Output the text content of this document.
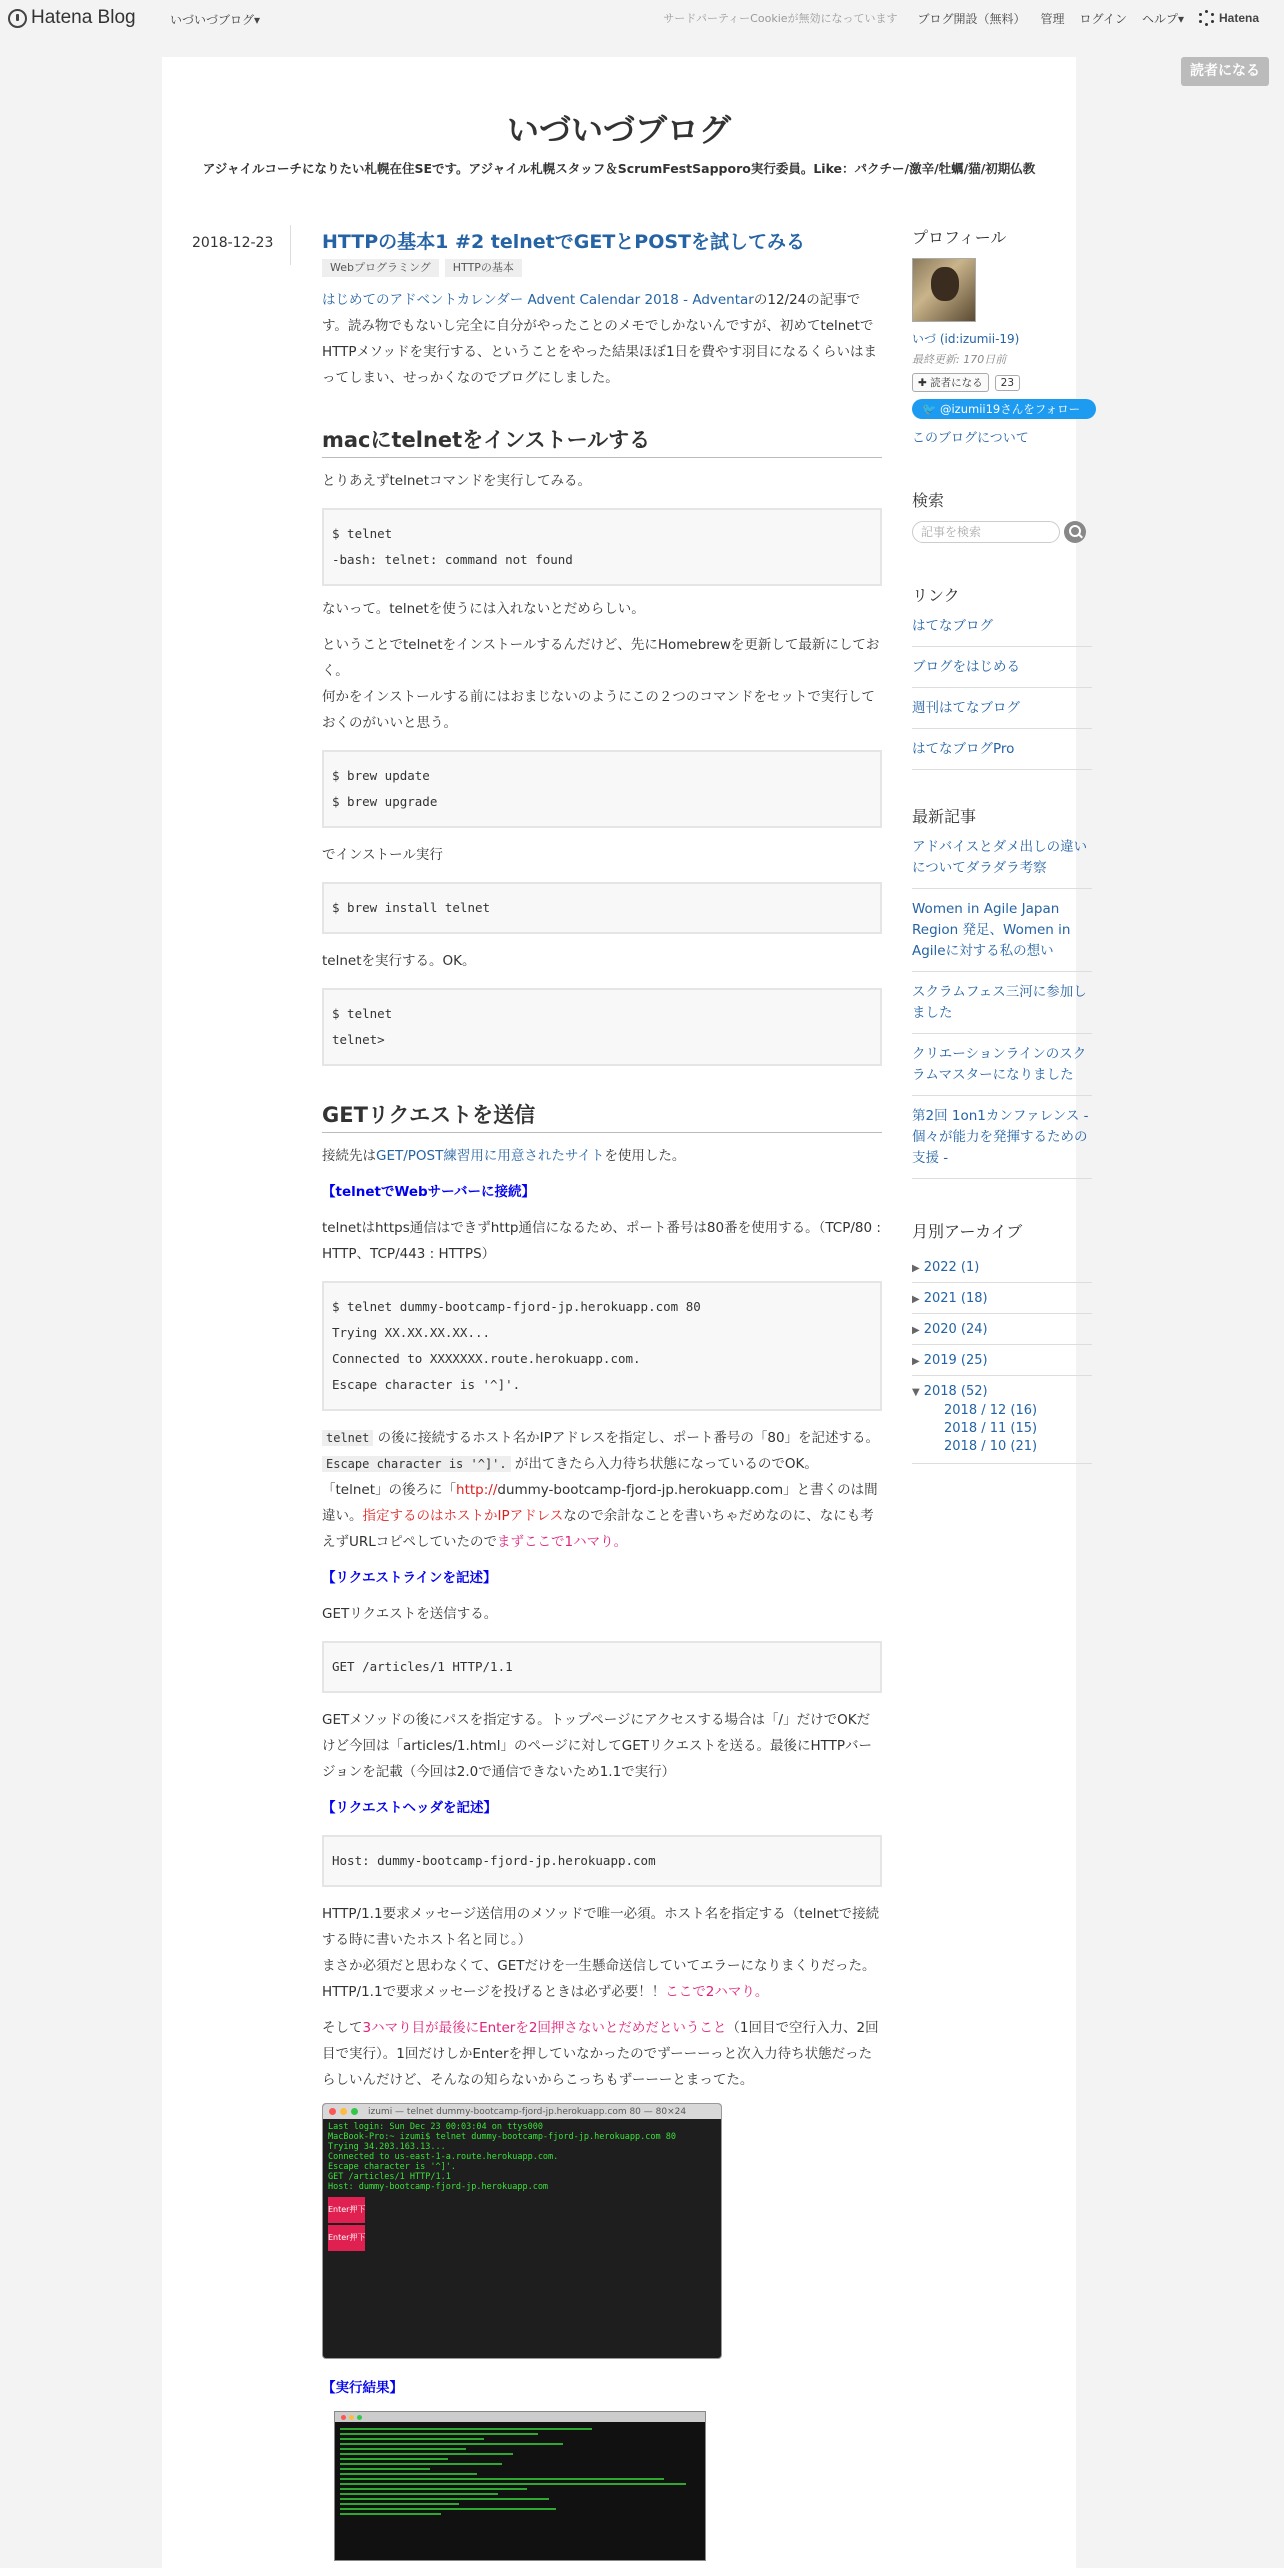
Hatena Blog	いづいづブログ▾	サードパーティーCookieが無効になっています ブログ開設（無料） 管理 ログイン ヘルプ▾	Hatena
読者になる
いづいづブログ
アジャイルコーチになりたい札幌在住SEです。アジャイル札幌スタッフ＆ScrumFestSapporo実行委員。Like：パクチー/激辛/牡蠣/猫/初期仏教
2018-12-23	HTTPの基本1 #2 telnetでGETとPOSTを試してみる
Webプログラミング	HTTPの基本

はじめてのアドベントカレンダー Advent Calendar 2018 - Adventarの12/24の記事です。読み物でもないし完全に自分がやったことのメモでしかないんですが、初めてtelnetでHTTPメソッドを実行する、ということをやった結果ほぼ1日を費やす羽目になるくらいはまってしまい、せっかくなのでブログにしました。

macにtelnetをインストールする

とりあえずtelnetコマンドを実行してみる。

$ telnet
-bash: telnet: command not found

ないって。telnetを使うには入れないとだめらしい。

ということでtelnetをインストールするんだけど、先にHomebrewを更新して最新にしておく。
何かをインストールする前にはおまじないのようにこの２つのコマンドをセットで実行しておくのがいいと思う。

$ brew update
$ brew upgrade

でインストール実行

$ brew install telnet

telnetを実行する。OK。

$ telnet
telnet>
GETリクエストを送信

接続先はGET/POST練習用に用意されたサイトを使用した。

【telnetでWebサーバーに接続】

telnetはhttps通信はできずhttp通信になるため、ポート番号は80番を使用する。（TCP/80 : HTTP、TCP/443 : HTTPS）

$ telnet dummy-bootcamp-fjord-jp.herokuapp.com 80
Trying XX.XX.XX.XX...
Connected to XXXXXXX.route.herokuapp.com.
Escape character is '^]'.

telnet の後に接続するホスト名かIPアドレスを指定し、ポート番号の「80」を記述する。 Escape character is '^]'. が出てきたら入力待ち状態になっているのでOK。
「telnet」の後ろに「http://dummy-bootcamp-fjord-jp.herokuapp.com」と書くのは間違い。指定するのはホストかIPアドレスなので余計なことを書いちゃだめなのに、なにも考えずURLコピペしていたのでまずここで1ハマり。

【リクエストラインを記述】

GETリクエストを送信する。

GET /articles/1 HTTP/1.1

GETメソッドの後にパスを指定する。トップページにアクセスする場合は「/」だけでOKだけど今回は「articles/1.html」のページに対してGETリクエストを送る。最後にHTTPバージョンを記載（今回は2.0で通信できないため1.1で実行）

【リクエストヘッダを記述】

Host: dummy-bootcamp-fjord-jp.herokuapp.com

HTTP/1.1要求メッセージ送信用のメソッドで唯一必須。ホスト名を指定する（telnetで接続する時に書いたホスト名と同じ。）
まさか必須だと思わなくて、GETだけを一生懸命送信していてエラーになりまくりだった。HTTP/1.1で要求メッセージを投げるときは必ず必要！！ここで2ハマり。

そして3ハマり目が最後にEnterを2回押さないとだめだということ（1回目で空行入力、2回目で実行）。1回だけしかEnterを押していなかったのでずーーーっと次入力待ち状態だったらしいんだけど、そんなの知らないからこっちもずーーーとまってた。

izumi — telnet dummy-bootcamp-fjord-jp.herokuapp.com 80 — 80×24
Last login: Sun Dec 23 00:03:04 on ttys000
MacBook-Pro:~ izumi$ telnet dummy-bootcamp-fjord-jp.herokuapp.com 80
Trying 34.203.163.13...
Connected to us-east-1-a.route.herokuapp.com.
Escape character is '^]'.
GET /articles/1 HTTP/1.1
Host: dummy-bootcamp-fjord-jp.herokuapp.com
Enter押下
Enter押下

【実行結果】

プロフィール
いづ (id:izumii-19)
最終更新: 170日前
✚ 読者になる	23
🐦 @izumii19さんをフォロー
このブログについて
検索
記事を検索
リンク
はてなブログ
ブログをはじめる
週刊はてなブログ
はてなブログPro
最新記事
アドバイスとダメ出しの違いについてダラダラ考察
Women in Agile Japan Region 発足、Women in Agileに対する私の想い
スクラムフェス三河に参加しました
クリエーションラインのスクラムマスターになりました
第2回 1on1カンファレンス - 個々が能力を発揮するための支援 -
月別アーカイブ
▶ 2022 (1)
▶ 2021 (18)
▶ 2020 (24)
▶ 2019 (25)
▼ 2018 (52)
2018 / 12 (16)
2018 / 11 (15)
2018 / 10 (21)
